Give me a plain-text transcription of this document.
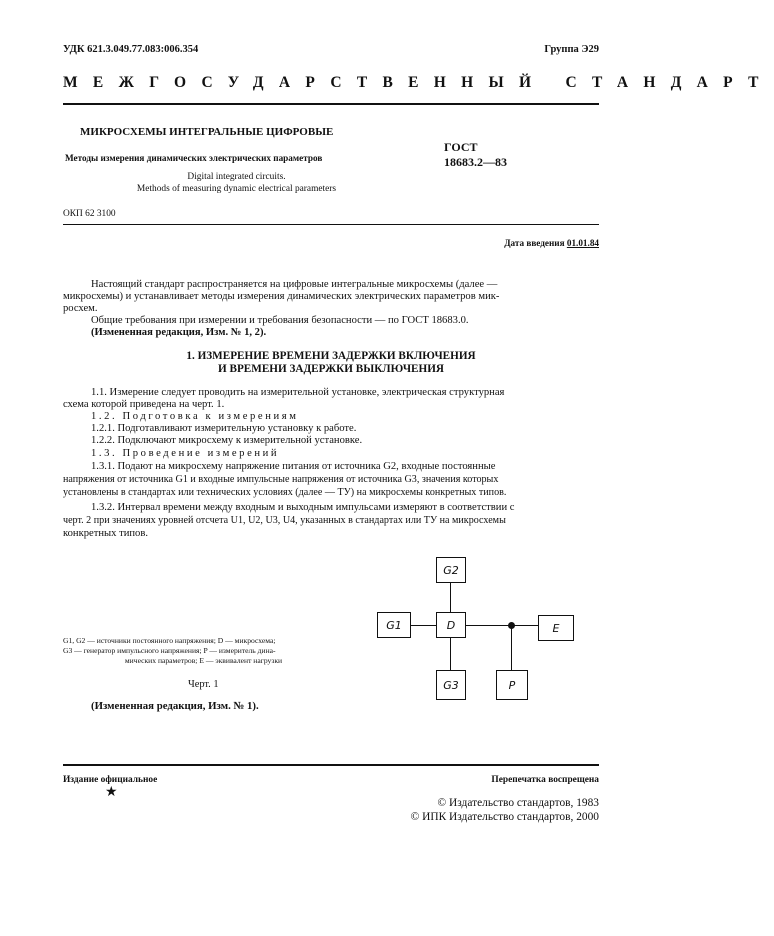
УДК 621.3.049.77.083:006.354	Группа Э29
МЕЖГОСУДАРСТВЕННЫЙ СТАНДАРТ
МИКРОСХЕМЫ ИНТЕГРАЛЬНЫЕ ЦИФРОВЫЕ
Методы измерения динамических электрических параметров
Digital integrated circuits.
Methods of measuring dynamic electrical parameters
ГОСТ
18683.2—83
ОКП 62 3100
Дата введения 01.01.84
Настоящий стандарт распространяется на цифровые интегральные микросхемы (далее —
микросхемы) и устанавливает методы измерения динамических электрических параметров мик-
росхем.
Общие требования при измерении и требования безопасности — по ГОСТ 18683.0.
(Измененная редакция, Изм. № 1, 2).
1. ИЗМЕРЕНИЕ ВРЕМЕНИ ЗАДЕРЖКИ ВКЛЮЧЕНИЯ
И ВРЕМЕНИ ЗАДЕРЖКИ ВЫКЛЮЧЕНИЯ
1.1. Измерение следует проводить на измерительной установке, электрическая структурная
схема которой приведена на черт. 1.
1.2. Подготовка к измерениям
1.2.1. Подготавливают измерительную установку к работе.
1.2.2. Подключают микросхему к измерительной установке.
1.3. Проведение измерений
1.3.1. Подают на микросхему напряжение питания от источника G2, входные постоянные
напряжения от источника G1 и входные импульсные напряжения от источника G3, значения которых
установлены в стандартах или технических условиях (далее — ТУ) на микросхемы конкретных типов.
1.3.2. Интервал времени между входным и выходным импульсами измеряют в соответствии с
черт. 2 при значениях уровней отсчета U1, U2, U3, U4, указанных в стандартах или ТУ на микросхемы
конкретных типов.
G2
G1	D	E
G3	P
G1, G2 — источники постоянного напряжения; D — микросхема;
G3 — генератор импульсного напряжения; P — измеритель дина-
мических параметров; E — эквивалент нагрузки
Черт. 1
(Измененная редакция, Изм. № 1).
Издание официальное	Перепечатка воспрещена
★
© Издательство стандартов, 1983
© ИПК Издательство стандартов, 2000
